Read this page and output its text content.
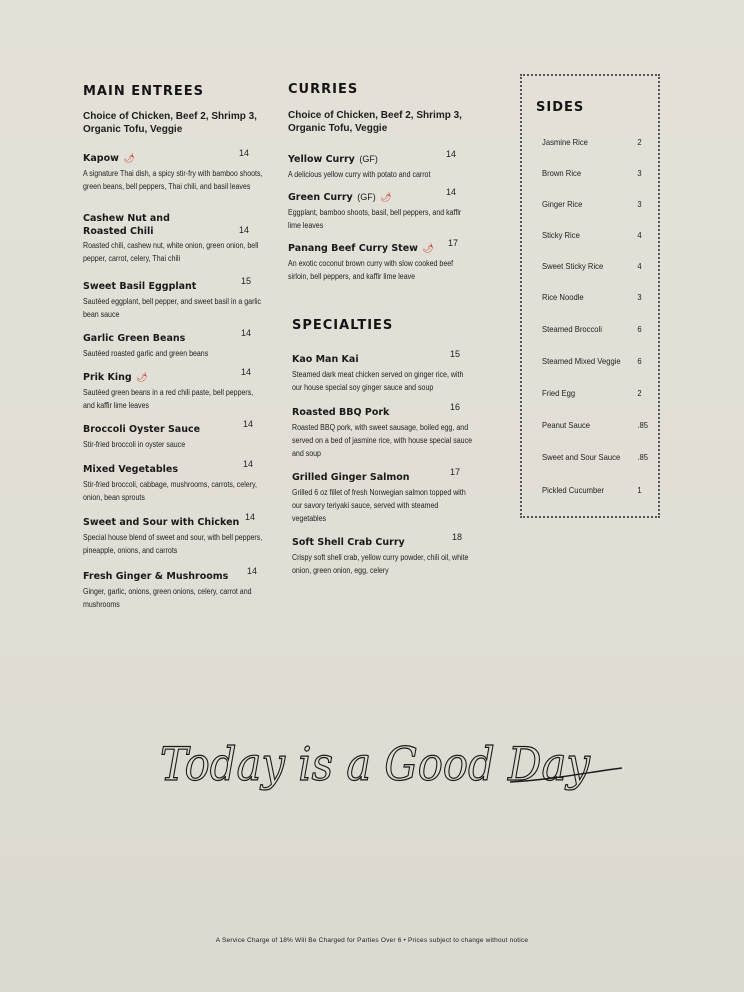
MAIN ENTREES
Choice of Chicken, Beef 2, Shrimp 3, Organic Tofu, Veggie
Kapow 🌶	14
A signature Thai dish, a spicy stir-fry with bamboo shoots, green beans, bell peppers, Thai chili, and basil leaves
Cashew Nut and Roasted Chili	14
Roasted chili, cashew nut, white onion, green onion, bell pepper, carrot, celery, Thai chili
Sweet Basil Eggplant	15
Sautéed eggplant, bell pepper, and sweet basil in a garlic bean sauce
Garlic Green Beans	14
Sautéed roasted garlic and green beans
Prik King 🌶	14
Sautéed green beans in a red chili paste, bell peppers, and kaffir lime leaves
Broccoli Oyster Sauce	14
Stir-fried broccoli in oyster sauce
Mixed Vegetables	14
Stir-fried broccoli, cabbage, mushrooms, carrots, celery, onion, bean sprouts
Sweet and Sour with Chicken 14
Special house blend of sweet and sour, with bell peppers, pineapple, onions, and carrots
Fresh Ginger & Mushrooms 14
Ginger, garlic, onions, green onions, celery, carrot and mushrooms
CURRIES
Choice of Chicken, Beef 2, Shrimp 3, Organic Tofu, Veggie
Yellow Curry (GF)	14
A delicious yellow curry with potato and carrot
Green Curry (GF) 🌶	14
Eggplant, bamboo shoots, basil, bell peppers, and kaffir lime leaves
Panang Beef Curry Stew 🌶 17
An exotic coconut brown curry with slow cooked beef sirloin, bell peppers, and kaffir lime leave
SPECIALTIES
Kao Man Kai	15
Steamed dark meat chicken served on ginger rice, with our house special soy ginger sauce and soup
Roasted BBQ Pork	16
Roasted BBQ pork, with sweet sausage, boiled egg, and served on a bed of jasmine rice, with house special sauce and soup
Grilled Ginger Salmon	17
Grilled 6 oz fillet of fresh Norwegian salmon topped with our savory teriyaki sauce, served with steamed vegetables
Soft Shell Crab Curry	18
Crispy soft shell crab, yellow curry powder, chili oil, white onion, green onion, egg, celery
SIDES
Jasmine Rice	2
Brown Rice	3
Ginger Rice	3
Sticky Rice	4
Sweet Sticky Rice	4
Rice Noodle	3
Steamed Broccoli	6
Steamed Mixed Veggie 6
Fried Egg	2
Peanut Sauce	.85
Sweet and Sour Sauce .85
Pickled Cucumber	1
Today is a Good Day
A Service Charge of 18% Will Be Charged for Parties Over 6 • Prices subject to change without notice
